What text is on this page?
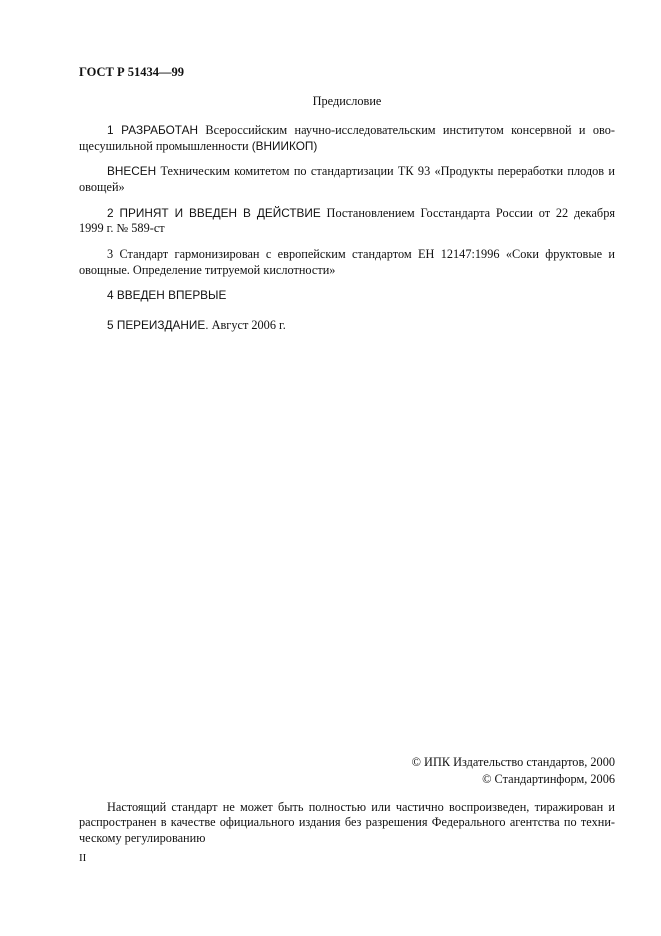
ГОСТ Р 51434—99
Предисловие
1 РАЗРАБОТАН Всероссийским научно-исследовательским институтом консервной и ово-
щесушильной промышленности (ВНИИКОП)
ВНЕСЕН Техническим комитетом по стандартизации ТК 93 «Продукты переработки плодов и
овощей»
2 ПРИНЯТ И ВВЕДЕН В ДЕЙСТВИЕ Постановлением Госстандарта России от 22 декабря
1999 г. № 589-ст
3 Стандарт гармонизирован с европейским стандартом ЕН 12147:1996 «Соки фруктовые и
овощные. Определение титруемой кислотности»
4 ВВЕДЕН ВПЕРВЫЕ
5 ПЕРЕИЗДАНИЕ. Август 2006 г.
© ИПК Издательство стандартов, 2000
© Стандартинформ, 2006
Настоящий стандарт не может быть полностью или частично воспроизведен, тиражирован и
распространен в качестве официального издания без разрешения Федерального агентства по техни-
ческому регулированию
II
